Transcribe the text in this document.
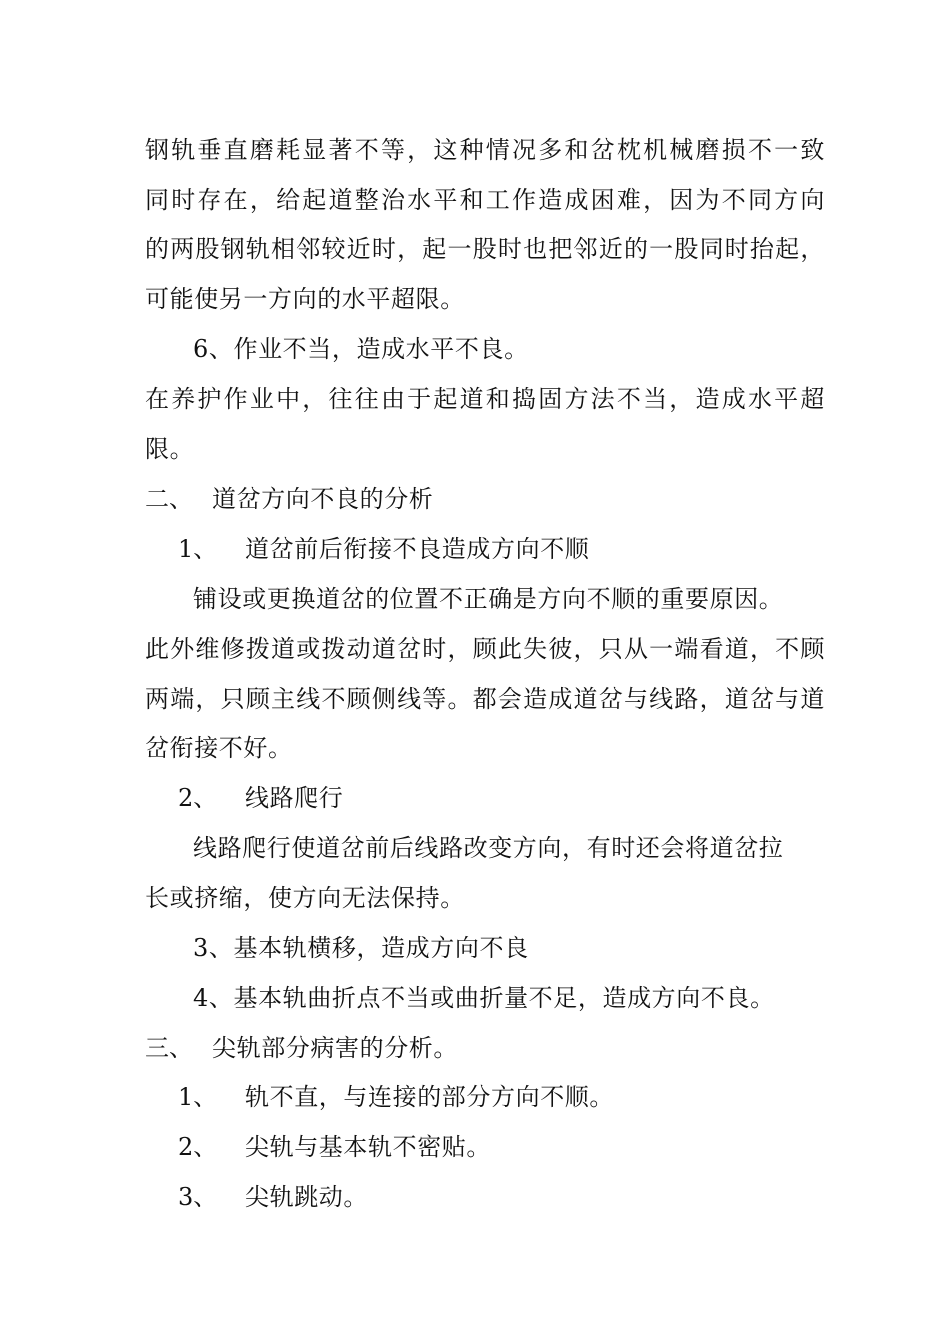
钢轨垂直磨耗显著不等，这种情况多和岔枕机械磨损不一致
同时存在，给起道整治水平和工作造成困难，因为不同方向
的两股钢轨相邻较近时，起一股时也把邻近的一股同时抬起，
可能使另一方向的水平超限。
6、作业不当，造成水平不良。
在养护作业中，往往由于起道和捣固方法不当，造成水平超
限。
二、 道岔方向不良的分析
1、 道岔前后衔接不良造成方向不顺
铺设或更换道岔的位置不正确是方向不顺的重要原因。
此外维修拨道或拨动道岔时，顾此失彼，只从一端看道，不顾
两端，只顾主线不顾侧线等。都会造成道岔与线路，道岔与道
岔衔接不好。
2、 线路爬行
线路爬行使道岔前后线路改变方向，有时还会将道岔拉
长或挤缩，使方向无法保持。
3、基本轨横移，造成方向不良
4、基本轨曲折点不当或曲折量不足，造成方向不良。
三、 尖轨部分病害的分析。
1、 轨不直，与连接的部分方向不顺。
2、 尖轨与基本轨不密贴。
3、 尖轨跳动。
